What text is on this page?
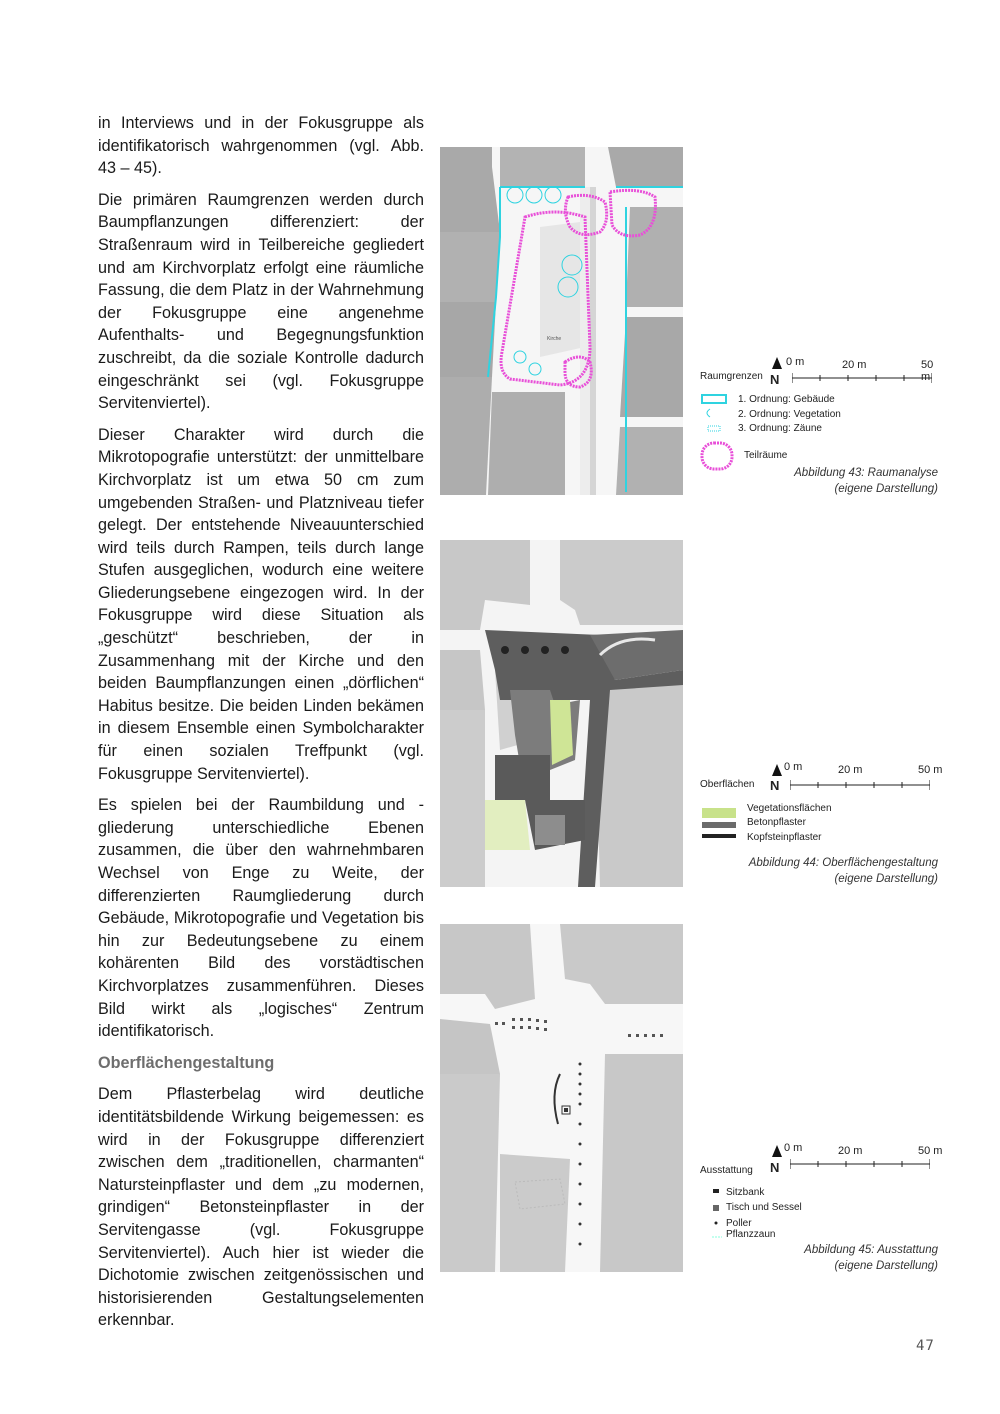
in Interviews und in der Fokusgruppe als identifikatorisch wahrgenommen (vgl. Abb. 43 – 45).

Die primären Raumgrenzen werden durch Baumpflanzungen differenziert: der Straßenraum wird in Teilbereiche gegliedert und am Kirchvorplatz erfolgt eine räumliche Fassung, die dem Platz in der Wahrnehmung der Fokusgruppe eine angenehme Aufenthalts- und Begegnungsfunktion zuschreibt, da die soziale Kontrolle dadurch eingeschränkt sei (vgl. Fokusgruppe Servitenviertel).

Dieser Charakter wird durch die Mikrotopografie unterstützt: der unmittelbare Kirchvorplatz ist um etwa 50 cm zum umgebenden Straßen- und Platzniveau tiefer gelegt. Der entstehende Niveauunterschied wird teils durch Rampen, teils durch lange Stufen ausgeglichen, wodurch eine weitere Gliederungsebene eingezogen wird. In der Fokusgruppe wird diese Situation als „geschützt“ beschrieben, der in Zusammenhang mit der Kirche und den beiden Baumpflanzungen einen „dörflichen“ Habitus besitze. Die beiden Linden bekämen in diesem Ensemble einen Symbolcharakter für einen sozialen Treffpunkt (vgl. Fokusgruppe Servitenviertel).

Es spielen bei der Raumbildung und -gliederung unterschiedliche Ebenen zusammen, die über den wahrnehmbaren Wechsel von Enge zu Weite, der differenzierten Raumgliederung durch Gebäude, Mikrotopografie und Vegetation bis hin zur Bedeutungsebene zu einem kohärenten Bild des vorstädtischen Kirchvorplatzes zusammenführen. Dieses Bild wirkt als „logisches“ Zentrum identifikatorisch.

Oberflächengestaltung

Dem Pflasterbelag wird deutliche identitätsbildende Wirkung beigemessen: es wird in der Fokusgruppe differenziert zwischen dem „traditionellen, charmanten“ Natursteinpflaster und dem „zu modernen, grindigen“ Betonsteinpflaster in der Servitengasse (vgl. Fokusgruppe Servitenviertel). Auch hier ist wieder die Dichotomie zwischen zeitgenössischen und historisierenden Gestaltungselementen erkennbar.

Kirche
0 m	20 m	50 m
Raumgrenzen N
1. Ordnung: Gebäude
2. Ordnung: Vegetation
3. Ordnung: Zäune
Teilräume
Abbildung 43: Raumanalyse
(eigene Darstellung)
0 m	20 m	50 m
Oberflächen N
Vegetationsflächen
Betonpflaster
Kopfsteinpflaster
Abbildung 44: Oberflächengestaltung
(eigene Darstellung)
0 m	20 m	50 m
Ausstattung N
Sitzbank
Tisch und Sessel
Poller
Pflanzzaun
Abbildung 45: Ausstattung
(eigene Darstellung)
47
